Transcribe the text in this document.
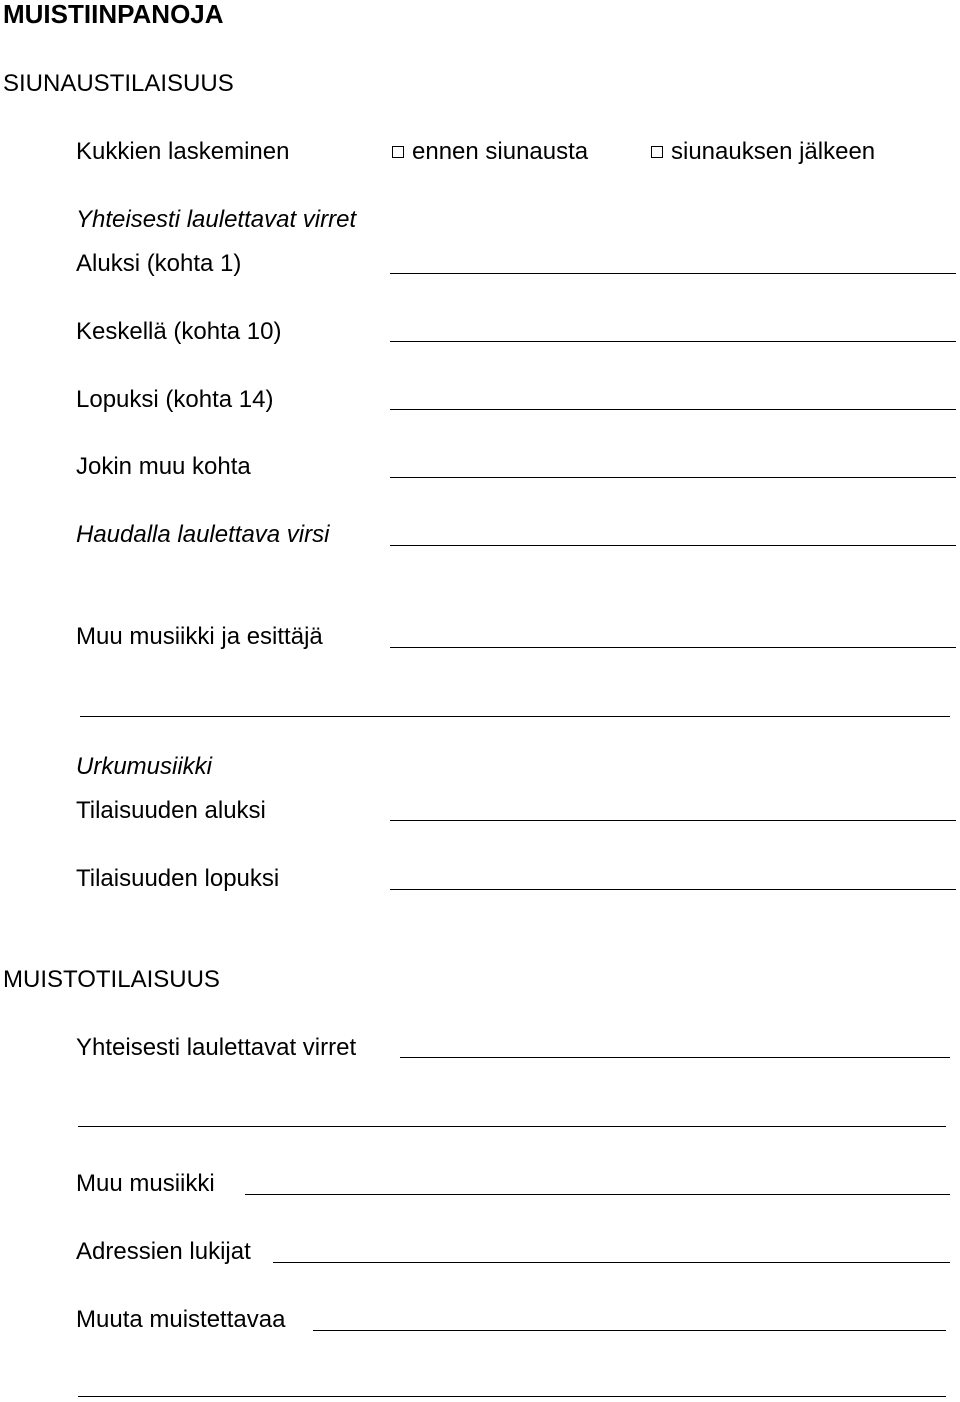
MUISTIINPANOJA
SIUNAUSTILAISUUS
Kukkien laskeminen	ennen siunausta	siunauksen jälkeen
Yhteisesti laulettavat virret
Aluksi (kohta 1)
Keskellä (kohta 10)
Lopuksi (kohta 14)
Jokin muu kohta
Haudalla laulettava virsi
Muu musiikki ja esittäjä
Urkumusiikki
Tilaisuuden aluksi
Tilaisuuden lopuksi
MUISTOTILAISUUS
Yhteisesti laulettavat virret
Muu musiikki
Adressien lukijat
Muuta muistettavaa
